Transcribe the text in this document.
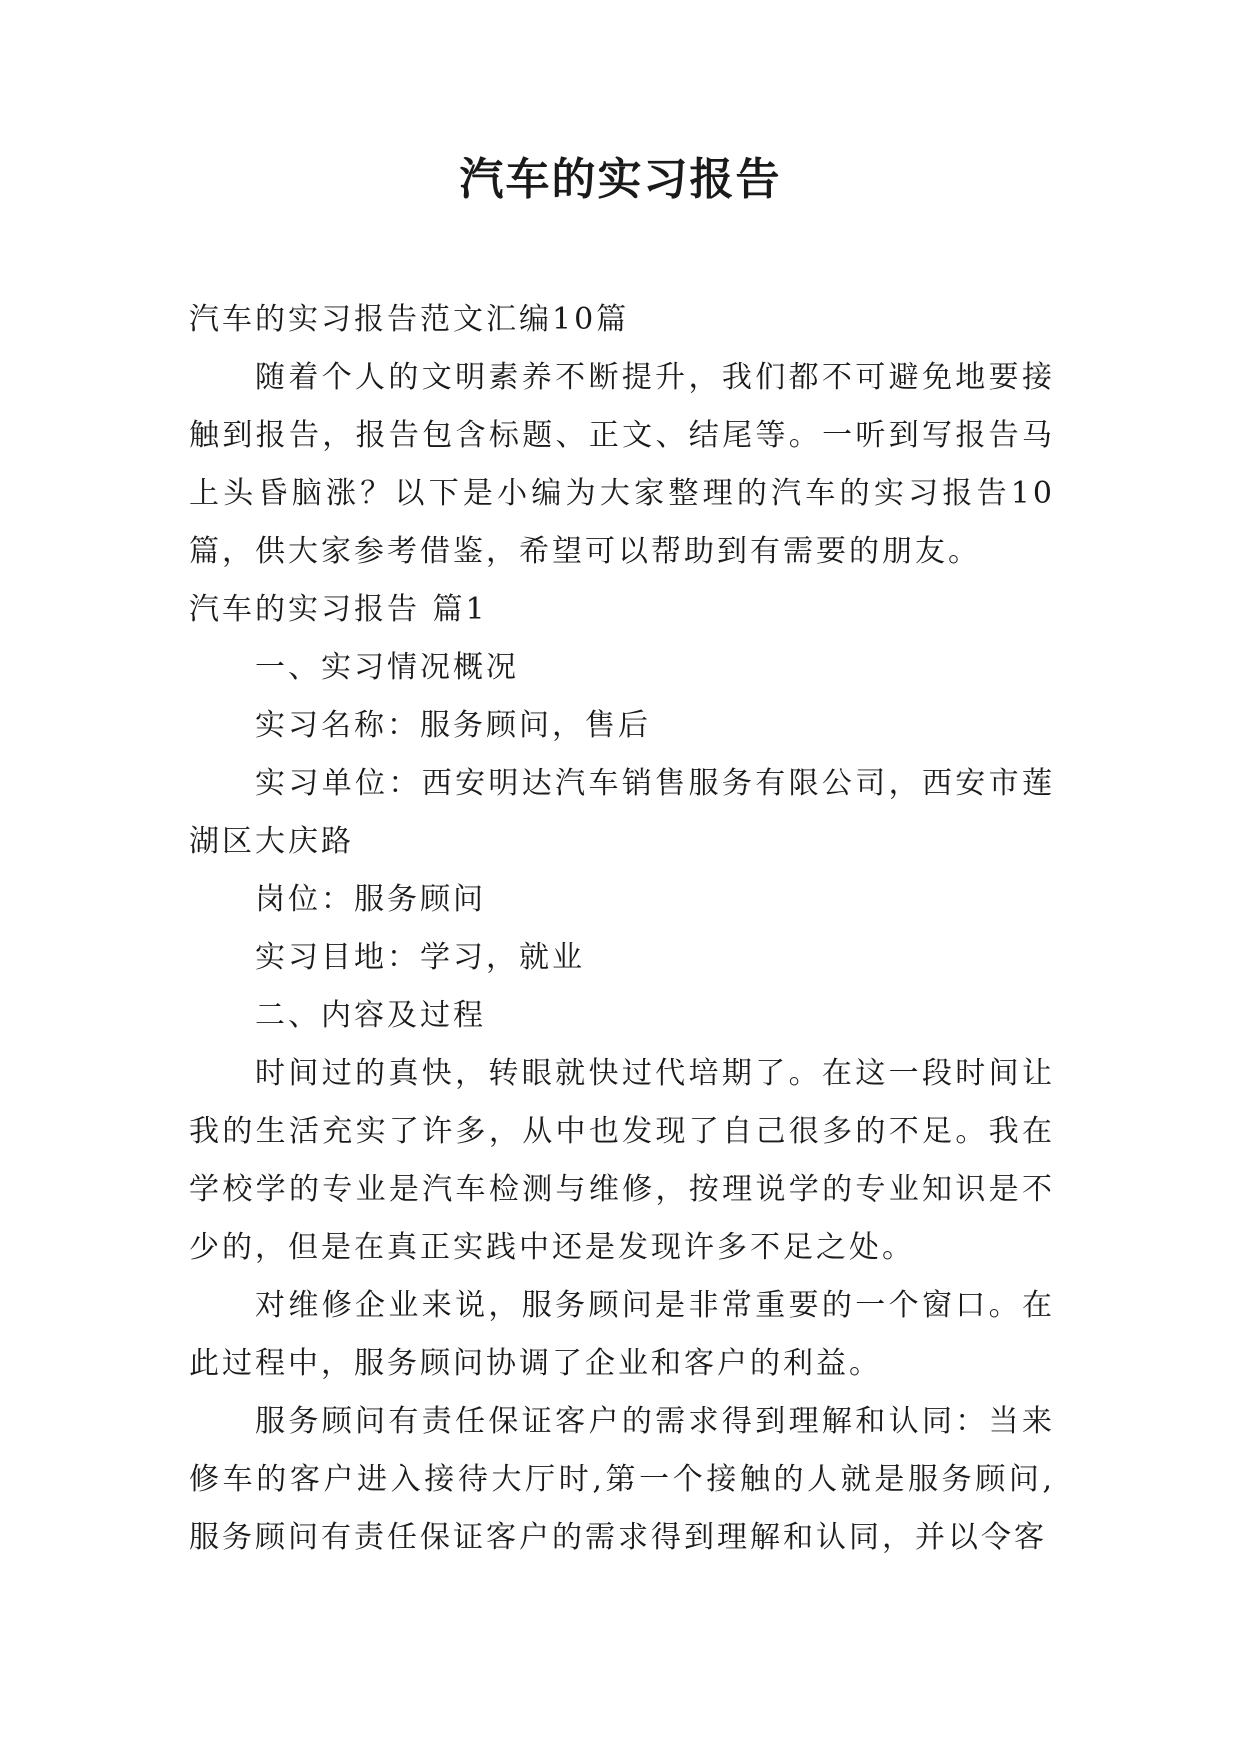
汽车的实习报告

汽车的实习报告范文汇编10篇

随着个人的文明素养不断提升，我们都不可避免地要接触到报告，报告包含标题、正文、结尾等。一听到写报告马上头昏脑涨？以下是小编为大家整理的汽车的实习报告10篇，供大家参考借鉴，希望可以帮助到有需要的朋友。

汽车的实习报告 篇1

一、实习情况概况

实习名称：服务顾问，售后

实习单位：西安明达汽车销售服务有限公司，西安市莲湖区大庆路

岗位：服务顾问

实习目地：学习，就业

二、内容及过程

时间过的真快，转眼就快过代培期了。在这一段时间让我的生活充实了许多，从中也发现了自己很多的不足。我在学校学的专业是汽车检测与维修，按理说学的专业知识是不少的，但是在真正实践中还是发现许多不足之处。

对维修企业来说，服务顾问是非常重要的一个窗口。在此过程中，服务顾问协调了企业和客户的利益。

服务顾问有责任保证客户的需求得到理解和认同：当来修车的客户进入接待大厅时,第一个接触的人就是服务顾问,服务顾问有责任保证客户的需求得到理解和认同，并以令客
